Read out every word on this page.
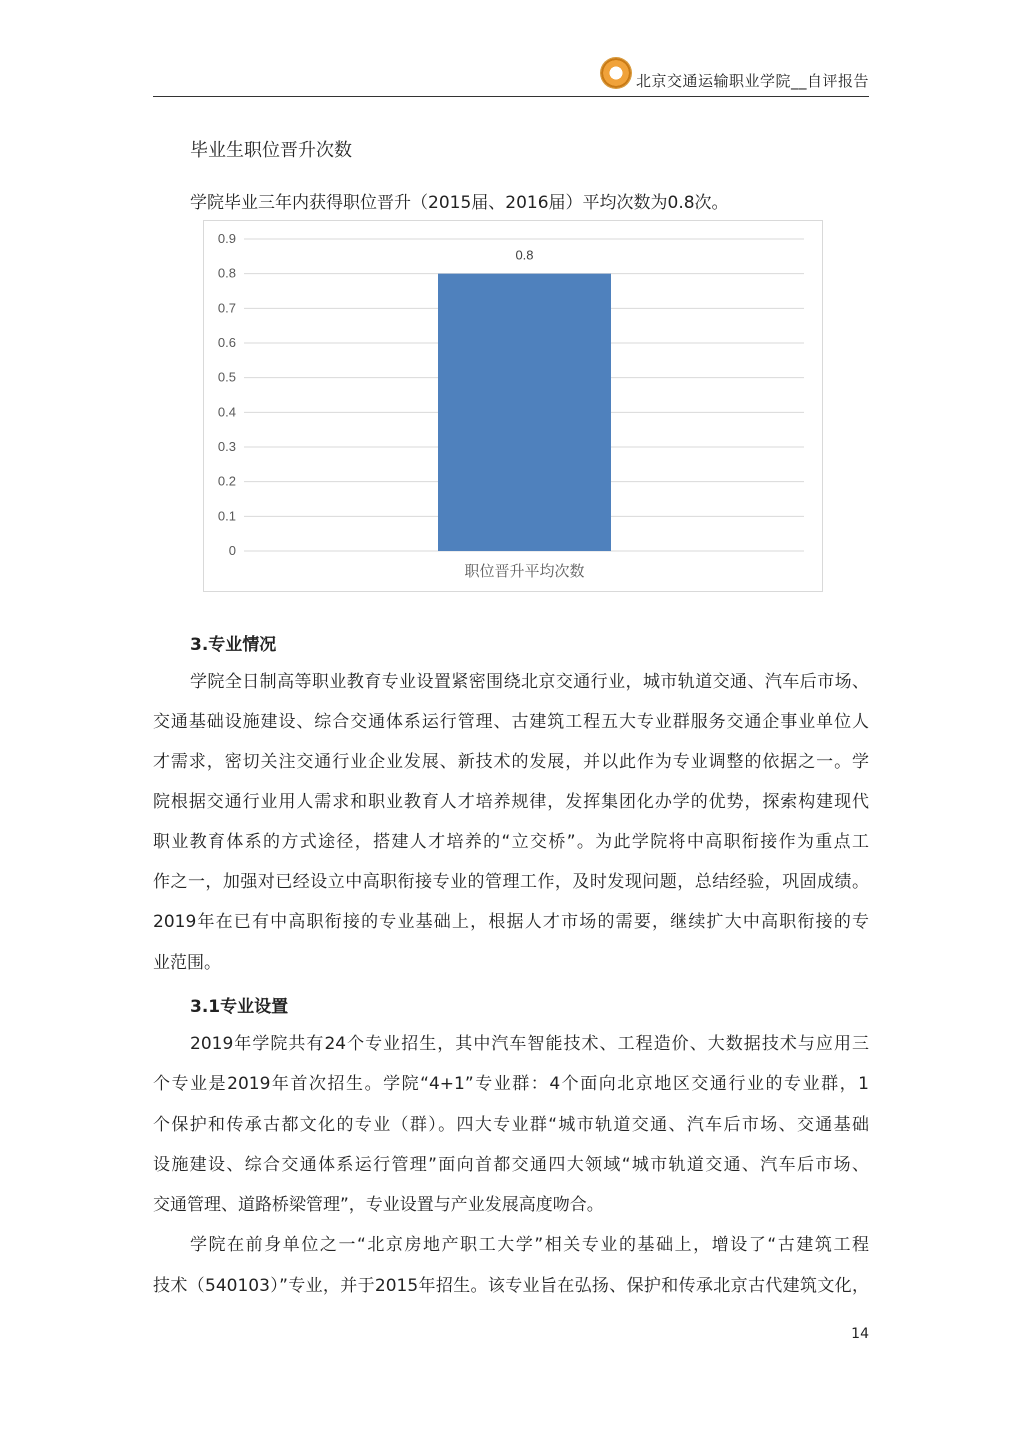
北京交通运输职业学院__自评报告
毕业生职位晋升次数
学院毕业三年内获得职位晋升（2015届、2016届）平均次数为0.8次。
0
0.1
0.2
0.3
0.4
0.5
0.6
0.7
0.8
0.9
0.8
职位晋升平均次数
3.专业情况
学院全日制高等职业教育专业设置紧密围绕北京交通行业，城市轨道交通、汽车后市场、
交通基础设施建设、综合交通体系运行管理、古建筑工程五大专业群服务交通企事业单位人
才需求，密切关注交通行业企业发展、新技术的发展，并以此作为专业调整的依据之一。学
院根据交通行业用人需求和职业教育人才培养规律，发挥集团化办学的优势，探索构建现代
职业教育体系的方式途径，搭建人才培养的“立交桥”。为此学院将中高职衔接作为重点工
作之一，加强对已经设立中高职衔接专业的管理工作，及时发现问题，总结经验，巩固成绩。
2019年在已有中高职衔接的专业基础上，根据人才市场的需要，继续扩大中高职衔接的专
业范围。
3.1专业设置
2019年学院共有24个专业招生，其中汽车智能技术、工程造价、大数据技术与应用三
个专业是2019年首次招生。学院“4+1”专业群：4个面向北京地区交通行业的专业群，1
个保护和传承古都文化的专业（群）。四大专业群“城市轨道交通、汽车后市场、交通基础
设施建设、综合交通体系运行管理”面向首都交通四大领域“城市轨道交通、汽车后市场、
交通管理、道路桥梁管理”，专业设置与产业发展高度吻合。
学院在前身单位之一“北京房地产职工大学”相关专业的基础上，增设了“古建筑工程
技术（540103）”专业，并于2015年招生。该专业旨在弘扬、保护和传承北京古代建筑文化，
14
